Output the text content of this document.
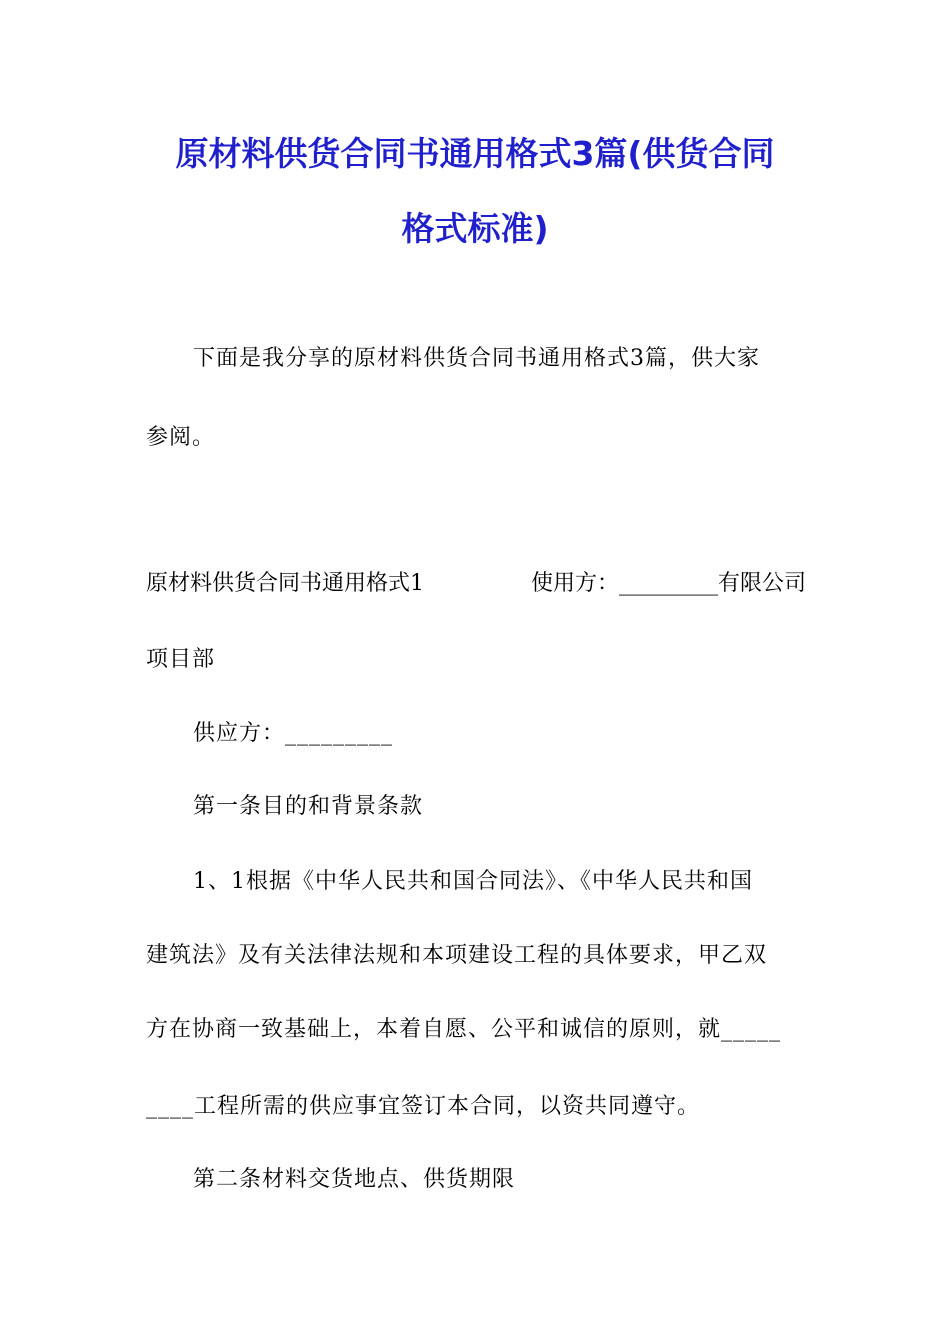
原材料供货合同书通用格式3篇(供货合同
格式标准)
下面是我分享的原材料供货合同书通用格式3篇，供大家
参阅。
原材料供货合同书通用格式1	使用方：_________有限公司
项目部
供应方：_________
第一条目的和背景条款
1、1根据《中华人民共和国合同法》、《中华人民共和国
建筑法》及有关法律法规和本项建设工程的具体要求，甲乙双
方在协商一致基础上，本着自愿、公平和诚信的原则，就_____
____工程所需的供应事宜签订本合同，以资共同遵守。
第二条材料交货地点、供货期限
